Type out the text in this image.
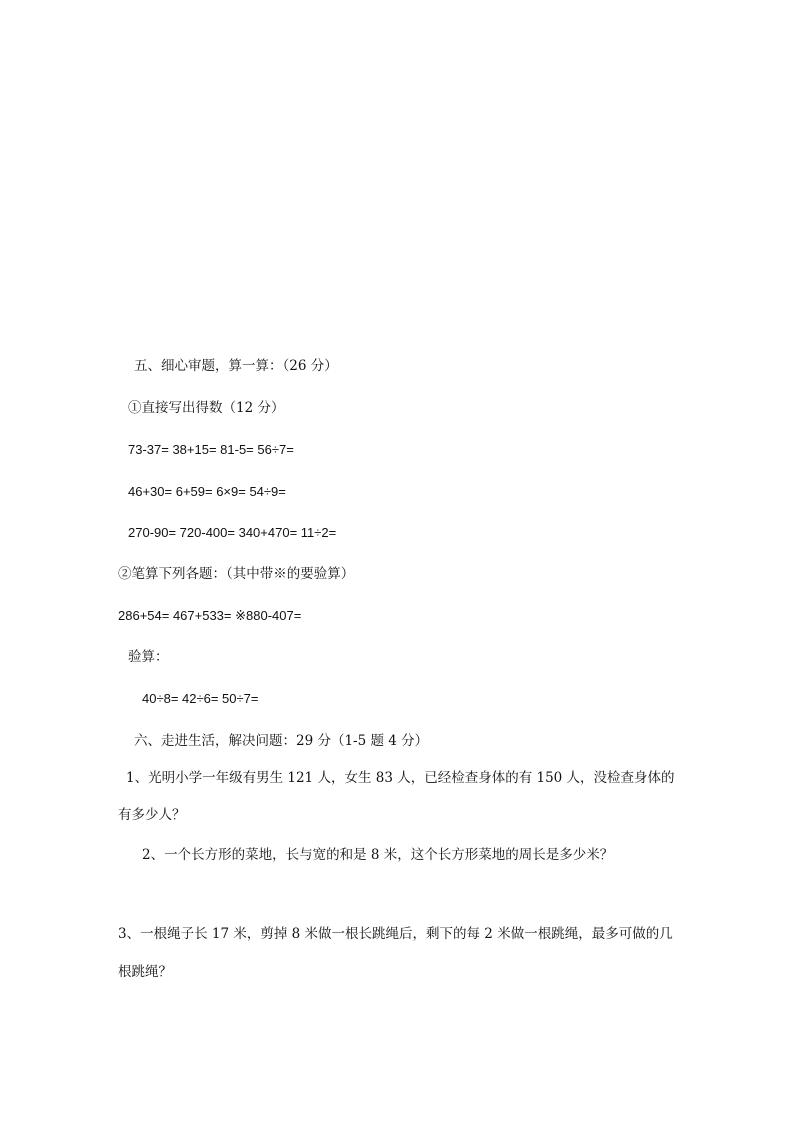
五、细心审题，算一算：（26 分）
①直接写出得数（12 分）
73-37= 38+15= 81-5= 56÷7=
46+30= 6+59= 6×9= 54÷9=
270-90= 720-400= 340+470= 11÷2=
②笔算下列各题：（其中带※的要验算）
286+54= 467+533= ※880-407=
验算：
40÷8= 42÷6= 50÷7=
六、走进生活，解决问题：29 分（1-5 题 4 分）
1、光明小学一年级有男生 121 人，女生 83 人，已经检查身体的有 150 人，没检查身体的
有多少人？
2、一个长方形的菜地，长与宽的和是 8 米，这个长方形菜地的周长是多少米？
3、一根绳子长 17 米，剪掉 8 米做一根长跳绳后，剩下的每 2 米做一根跳绳，最多可做的几
根跳绳？
